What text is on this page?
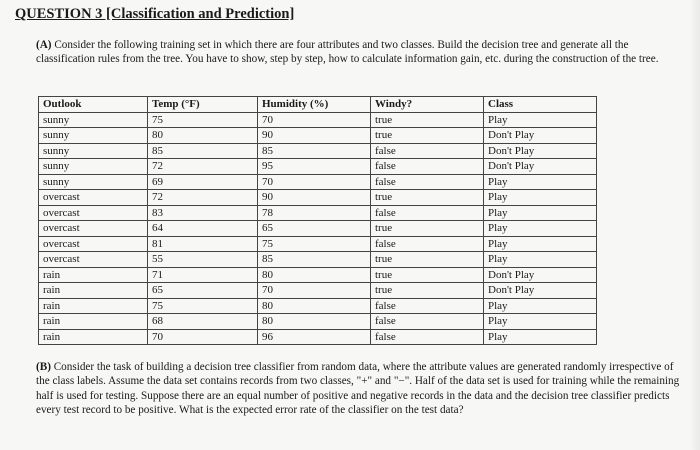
QUESTION 3 [Classification and Prediction]

(A) Consider the following training set in which there are four attributes and two classes. Build the decision tree and generate all the classification rules from the tree. You have to show, step by step, how to calculate information gain, etc. during the construction of the tree.

Outlook	Temp (°F)	Humidity (%)	Windy?	Class
sunny	75	70	true	Play
sunny	80	90	true	Don't Play
sunny	85	85	false	Don't Play
sunny	72	95	false	Don't Play
sunny	69	70	false	Play
overcast	72	90	true	Play
overcast	83	78	false	Play
overcast	64	65	true	Play
overcast	81	75	false	Play
overcast	55	85	true	Play
rain	71	80	true	Don't Play
rain	65	70	true	Don't Play
rain	75	80	false	Play
rain	68	80	false	Play
rain	70	96	false	Play

(B) Consider the task of building a decision tree classifier from random data, where the attribute values are generated randomly irrespective of the class labels. Assume the data set contains records from two classes, "+" and "−". Half of the data set is used for training while the remaining half is used for testing. Suppose there are an equal number of positive and negative records in the data and the decision tree classifier predicts every test record to be positive. What is the expected error rate of the classifier on the test data?
